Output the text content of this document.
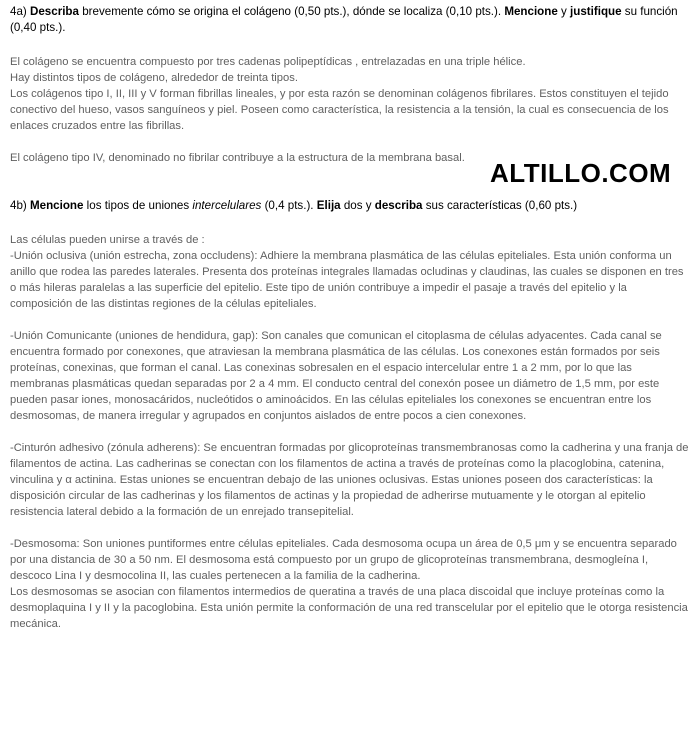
4a) Describa brevemente cómo se origina el colágeno (0,50 pts.), dónde se localiza (0,10 pts.). Mencione y justifique su función (0,40 pts.).

El colágeno se encuentra compuesto por tres cadenas polipeptídicas , entrelazadas en una triple hélice.

Hay distintos tipos de colágeno, alrededor de treinta tipos.

Los colágenos tipo I, II, III y V forman fibrillas lineales, y por esta razón se denominan colágenos fibrilares. Estos constituyen el tejido conectivo del hueso, vasos sanguíneos y piel. Poseen como característica, la resistencia a la tensión, la cual es consecuencia de los enlaces cruzados entre las fibrillas.

El colágeno tipo IV, denominado no fibrilar contribuye a la estructura de la membrana basal.

4b) Mencione los tipos de uniones intercelulares (0,4 pts.). Elija dos y describa sus características (0,60 pts.)

Las células pueden unirse a través de :

-Unión oclusiva (unión estrecha, zona occludens): Adhiere la membrana plasmática de las células epiteliales. Esta unión conforma un anillo que rodea las paredes laterales. Presenta dos proteínas integrales llamadas ocludinas y claudinas, las cuales se disponen en tres o más hileras paralelas a las superficie del epitelio. Este tipo de unión contribuye a impedir el pasaje a través del epitelio y la composición de las distintas regiones de la células epiteliales.

-Unión Comunicante (uniones de hendidura, gap): Son canales que comunican el citoplasma de células adyacentes. Cada canal se encuentra formado por conexones, que atraviesan la membrana plasmática de las células. Los conexones están formados por seis proteínas, conexinas, que forman el canal. Las conexinas sobresalen en el espacio intercelular entre 1 a 2 mm, por lo que las membranas plasmáticas quedan separadas por 2 a 4 mm. El conducto central del conexón posee un diámetro de 1,5 mm, por este pueden pasar iones, monosacáridos, nucleótidos o aminoácidos. En las células epiteliales los conexones se encuentran entre los desmosomas, de manera irregular y agrupados en conjuntos aislados de entre pocos a cien conexones.

-Cinturón adhesivo (zónula adherens): Se encuentran formadas por glicoproteínas transmembranosas como la cadherina y una franja de filamentos de actina. Las cadherinas se conectan con los filamentos de actina a través de proteínas como la placoglobina, catenina, vinculina y α actinina. Estas uniones se encuentran debajo de las uniones oclusivas. Estas uniones poseen dos características: la disposición circular de las cadherinas y los filamentos de actinas y la propiedad de adherirse mutuamente y le otorgan al epitelio resistencia lateral debido a la formación de un enrejado transepitelial.

-Desmosoma: Son uniones puntiformes entre células epiteliales. Cada desmosoma ocupa un área de 0,5 μm y se encuentra separado por una distancia de 30 a 50 nm. El desmosoma está compuesto por un grupo de glicoproteínas transmembrana, desmogleína I, descoco Lina I y desmocolina II, las cuales pertenecen a la familia de la cadherina.

Los desmosomas se asocian con filamentos intermedios de queratina a través de una placa discoidal que incluye proteínas como la desmoplaquina I y II y la pacoglobina. Esta unión permite la conformación de una red transcelular por el epitelio que le otorga resistencia mecánica.

ALTILLO.COM
